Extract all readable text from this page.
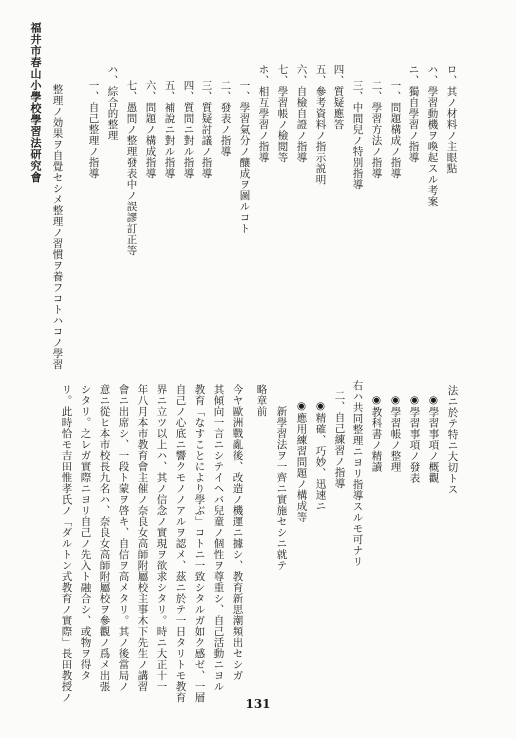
福井市春山小學校學習法研究會	ロ、其ノ材料ノ主眼點
ハ、學習動機ヲ喚起スル考案
ニ、獨自學習ノ指導
一、問題構成ノ指導
二、學習方法ノ指導
三、中間兒ノ特別指導
四、質疑應答
五、參考資料ノ指示説明
六、自檢自證ノ指導
七、學習帳ノ檢閲等
ホ、相互學習ノ指導
一、學習氣分ノ釀成ヲ圖ルコト
二、發表ノ指導
三、質疑討議ノ指導
四、質問ニ對ル指導
五、補說ニ對ル指導
六、問題ノ構成指導
七、愚問ノ整理發表中ノ誤謬訂正等
ハ、綜合的整理
一、自己整理ノ指導
整理ノ効果ヲ自覺セシメ整理ノ習慣ヲ養フコトハコノ學習
法ニ於テ特ニ大切トス
◉學習事項ノ概觀
◉學習事項ノ發表
◉學習帳ノ整理
◉教科書ノ精讀
右ハ共同整理ニヨリ指導スルモ可ナリ
二、自己練習ノ指導
◉精確、巧妙、迅速ニ
◉應用練習問題ノ構成等
新學習法ヲ一齊ニ實施セシニ就テ
略章前
今ヤ歐洲戰亂後、改造ノ機運ニ據シ、教育新思潮頻出セシガ
其傾向一言ニシテイヘバ兒童ノ個性ヲ尊重シ、自己活動ニヨル
教育「なすことにより學ぶ」コトニ一致シタルガ如ク感ゼ、一層
自己ノ心底ニ響クモノノアルヲ認メ、茲ニ於テ一日タリトモ教育
界ニ立ツ以上ハ、其ノ信念ノ實現ヲ欲求シタリ。時ニ大正十一
年八月本市教育會主催ノ奈良女高師附屬校主事木下先生ノ講習
會ニ出席シ、一段ト蒙ヲ啓キ、自信ヲ高メタリ。其ノ後當局ノ
意ニ從ヒ本市校長九名ハ、奈良女高師附屬校ヲ參觀ノ爲メ出張
シタリ。之レガ實際ニヨリ自己ノ先入ト融合シ、或物ヲ得タ
リ。此時恰モ吉田惟孝氏ノ「ダルトン式教育ノ實際」長田教授ノ
131
